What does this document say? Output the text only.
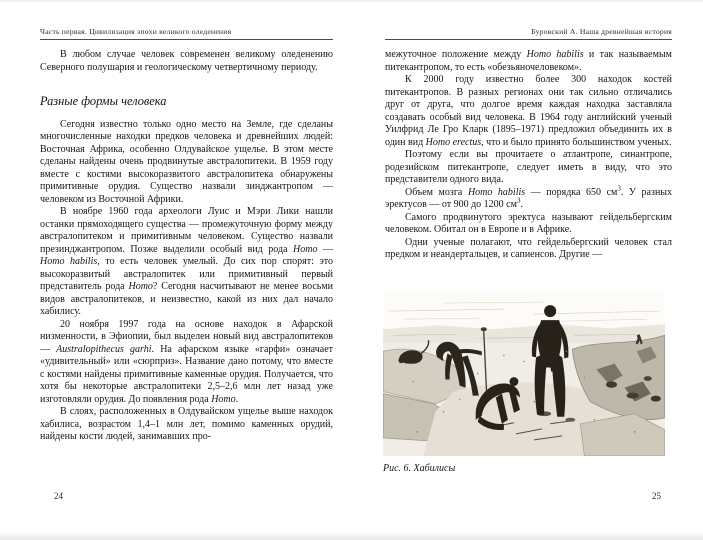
Часть первая. Цивилизация эпохи великого оледенения

В любом случае человек современен великому оледенению Северного полушария и геологическому четвертичному периоду.

Разные формы человека

Сегодня известно только одно место на Земле, где сделаны многочисленные находки предков человека и древнейших людей: Восточная Африка, особенно Олдувайское ущелье. В этом месте сделаны найдены очень продвинутые австралопитеки. В 1959 году вместе с костями высокоразвитого австралопитека обнаружены примитивные орудия. Существо назвали зинджантропом — человеком из Восточной Африки.

В ноябре 1960 года археологи Луис и Мэри Лики нашли останки прямоходящего существа — промежуточную форму между австралопитеком и примитивным человеком. Существо назвали презинджантропом. Позже выделили особый вид рода Homo — Homo habilis, то есть человек умелый. До сих пор спорят: это высокоразвитый австралопитек или примитивный первый представитель рода Homo? Сегодня насчитывают не менее восьми видов австралопитеков, и неизвестно, какой из них дал начало хабилису.

20 ноября 1997 года на основе находок в Афарской низменности, в Эфиопии, был выделен новый вид австралопитеков — Australopithecus garhi. На афарском языке «гарфи» означает «удивительный» или «сюрприз». Название дано потому, что вместе с костями найдены примитивные каменные орудия. Получается, что хотя бы некоторые австралопитеки 2,5–2,6 млн лет назад уже изготовляли орудия. До появления рода Homo.

В слоях, расположенных в Олдувайском ущелье выше находок хабилиса, возрастом 1,4–1 млн лет, помимо каменных орудий, найдены кости людей, занимавших про-

24
Буровский А. Наша древнейшая история

межуточное положение между Homo habilis и так называемым питекантропом, то есть «обезьяночеловеком».

К 2000 году известно более 300 находок костей питекантропов. В разных регионах они так сильно отличались друг от друга, что долгое время каждая находка заставляла создавать особый вид человека. В 1964 году английский ученый Уилфрид Ле Гро Кларк (1895–1971) предложил объединить их в один вид Homo erectus, что и было принято большинством ученых.

Поэтому если вы прочитаете о атлантропе, синантропе, родезийском питекантропе, следует иметь в виду, что это представители одного вида.

Объем мозга Homo habilis — порядка 650 $см^3$. У разных эректусов — от 900 до 1200 $см^3$.

Самого продвинутого эректуса называют гейдельбергским человеком. Обитал он в Европе и в Африке.

Одни ученые полагают, что гейдельбергский человек стал предком и неандертальцев, и сапиенсов. Другие —

Рис. 6. Хабилисы
25
